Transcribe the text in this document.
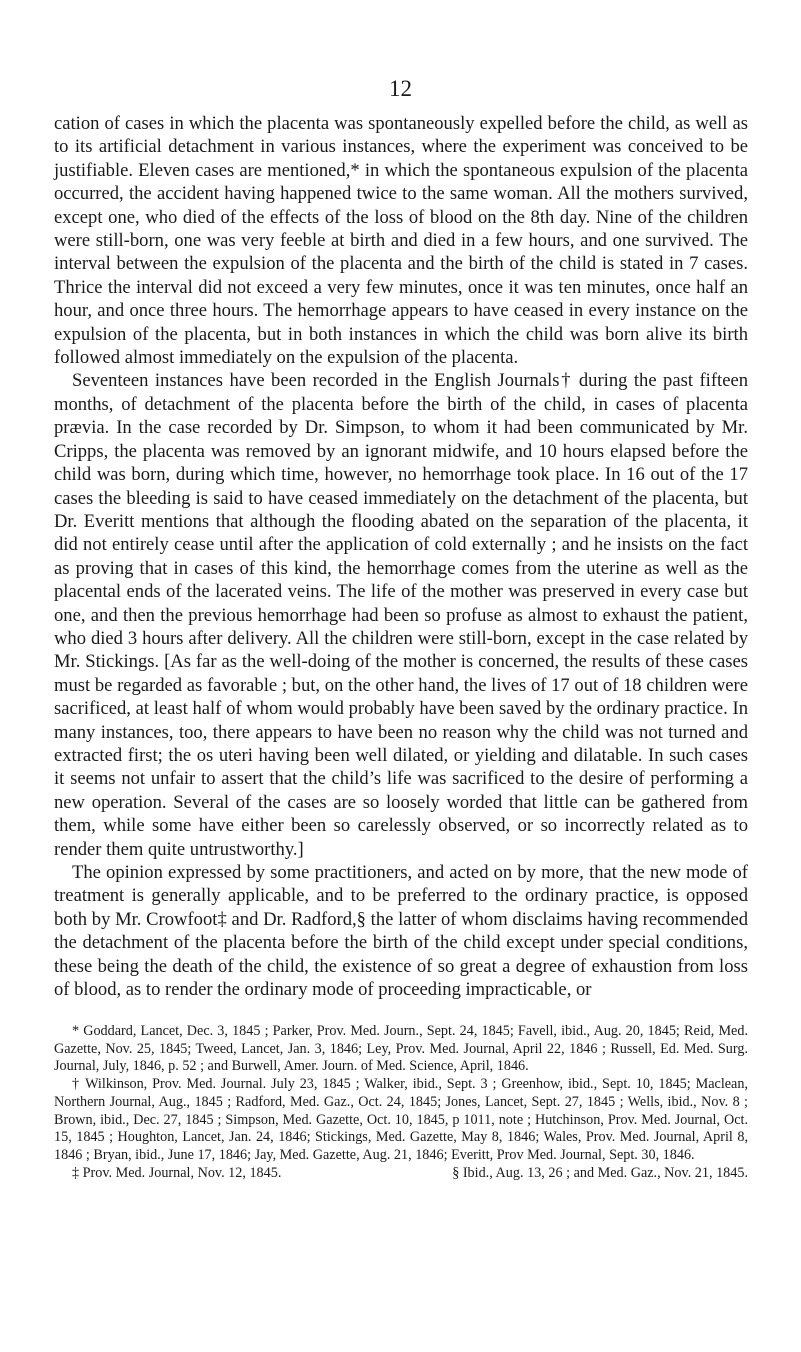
12

cation of cases in which the placenta was spontaneously expelled before the child, as well as to its artificial detachment in various instances, where the experiment was conceived to be justifiable. Eleven cases are mentioned,* in which the spontaneous expulsion of the placenta occurred, the accident having happened twice to the same woman. All the mothers survived, except one, who died of the effects of the loss of blood on the 8th day. Nine of the children were still-born, one was very feeble at birth and died in a few hours, and one survived. The interval between the expulsion of the placenta and the birth of the child is stated in 7 cases. Thrice the interval did not exceed a very few minutes, once it was ten minutes, once half an hour, and once three hours. The hemorrhage appears to have ceased in every instance on the expulsion of the placenta, but in both instances in which the child was born alive its birth followed almost immediately on the expulsion of the placenta.

Seventeen instances have been recorded in the English Journals† during the past fifteen months, of detachment of the placenta before the birth of the child, in cases of placenta prævia. In the case recorded by Dr. Simpson, to whom it had been communicated by Mr. Cripps, the placenta was removed by an ignorant midwife, and 10 hours elapsed before the child was born, during which time, however, no hemorrhage took place. In 16 out of the 17 cases the bleeding is said to have ceased immediately on the detachment of the placenta, but Dr. Everitt mentions that although the flooding abated on the separation of the placenta, it did not entirely cease until after the application of cold externally ; and he insists on the fact as proving that in cases of this kind, the hemorrhage comes from the uterine as well as the placental ends of the lacerated veins. The life of the mother was preserved in every case but one, and then the previous hemorrhage had been so profuse as almost to exhaust the patient, who died 3 hours after delivery. All the children were still-born, except in the case related by Mr. Stickings. [As far as the well-doing of the mother is concerned, the results of these cases must be regarded as favorable ; but, on the other hand, the lives of 17 out of 18 children were sacrificed, at least half of whom would probably have been saved by the ordinary practice. In many instances, too, there appears to have been no reason why the child was not turned and extracted first; the os uteri having been well dilated, or yielding and dilatable. In such cases it seems not unfair to assert that the child’s life was sacrificed to the desire of performing a new operation. Several of the cases are so loosely worded that little can be gathered from them, while some have either been so carelessly observed, or so incorrectly related as to render them quite untrustworthy.]

The opinion expressed by some practitioners, and acted on by more, that the new mode of treatment is generally applicable, and to be preferred to the ordinary practice, is opposed both by Mr. Crowfoot‡ and Dr. Radford,§ the latter of whom disclaims having recommended the detachment of the placenta before the birth of the child except under special conditions, these being the death of the child, the existence of so great a degree of exhaustion from loss of blood, as to render the ordinary mode of proceeding impracticable, or

* Goddard, Lancet, Dec. 3, 1845 ; Parker, Prov. Med. Journ., Sept. 24, 1845; Favell, ibid., Aug. 20, 1845; Reid, Med. Gazette, Nov. 25, 1845; Tweed, Lancet, Jan. 3, 1846; Ley, Prov. Med. Journal, April 22, 1846 ; Russell, Ed. Med. Surg. Journal, July, 1846, p. 52 ; and Burwell, Amer. Journ. of Med. Science, April, 1846.

† Wilkinson, Prov. Med. Journal. July 23, 1845 ; Walker, ibid., Sept. 3 ; Greenhow, ibid., Sept. 10, 1845; Maclean, Northern Journal, Aug., 1845 ; Radford, Med. Gaz., Oct. 24, 1845; Jones, Lancet, Sept. 27, 1845 ; Wells, ibid., Nov. 8 ; Brown, ibid., Dec. 27, 1845 ; Simpson, Med. Gazette, Oct. 10, 1845, p 1011, note ; Hutchinson, Prov. Med. Journal, Oct. 15, 1845 ; Houghton, Lancet, Jan. 24, 1846; Stickings, Med. Gazette, May 8, 1846; Wales, Prov. Med. Journal, April 8, 1846 ; Bryan, ibid., June 17, 1846; Jay, Med. Gazette, Aug. 21, 1846; Everitt, Prov Med. Journal, Sept. 30, 1846.

‡ Prov. Med. Journal, Nov. 12, 1845.	§ Ibid., Aug. 13, 26 ; and Med. Gaz., Nov. 21, 1845.
